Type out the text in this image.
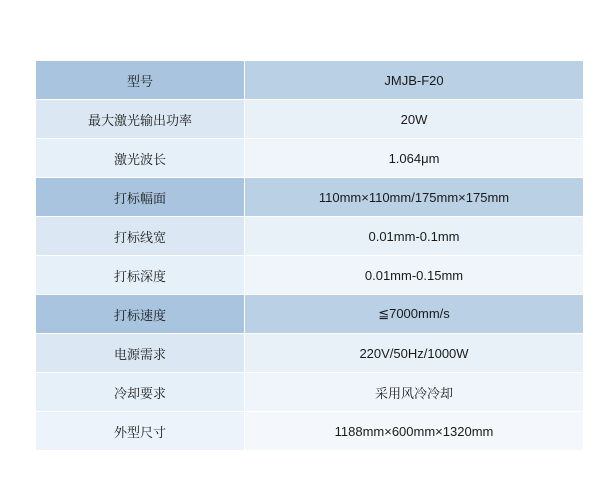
型号	JMJB-F20
最大激光输出功率	20W
激光波长	1.064μm
打标幅面	110mm×110mm/175mm×175mm
打标线宽	0.01mm-0.1mm
打标深度	0.01mm-0.15mm
打标速度	≦7000mm/s
电源需求	220V/50Hz/1000W
冷却要求	采用风冷冷却
外型尺寸	1188mm×600mm×1320mm
